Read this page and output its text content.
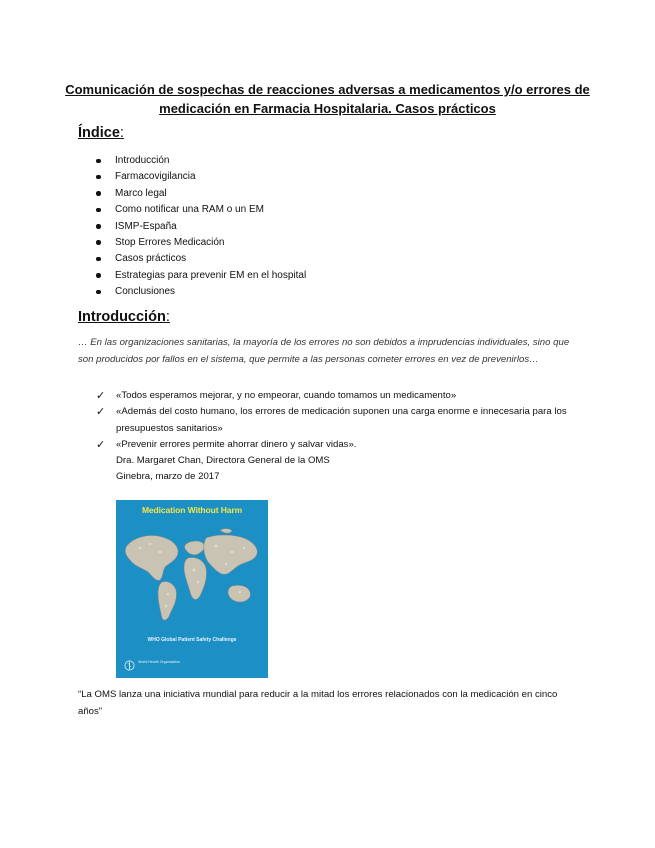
Comunicación de sospechas de reacciones adversas a medicamentos y/o errores de medicación en Farmacia Hospitalaria. Casos prácticos
Índice:
Introducción
Farmacovigilancia
Marco legal
Como notificar una RAM o un EM
ISMP-España
Stop Errores Medicación
Casos prácticos
Estrategias para prevenir EM en el hospital
Conclusiones
Introducción:
… En las organizaciones sanitarias, la mayoría de los errores no son debidos a imprudencias individuales, sino que son producidos por fallos en el sistema, que permite a las personas cometer errores en vez de prevenirlos…
✓ «Todos esperamos mejorar, y no empeorar, cuando tomamos un medicamento»
✓ «Además del costo humano, los errores de medicación suponen una carga enorme e innecesaria para los presupuestos sanitarios»
✓ «Prevenir errores permite ahorrar dinero y salvar vidas».
Dra. Margaret Chan, Directora General de la OMS
Ginebra, marzo de 2017
Medication Without Harm
WHO Global Patient Safety Challenge
World Health Organization
“La OMS lanza una iniciativa mundial para reducir a la mitad los errores relacionados con la medicación en cinco años”
